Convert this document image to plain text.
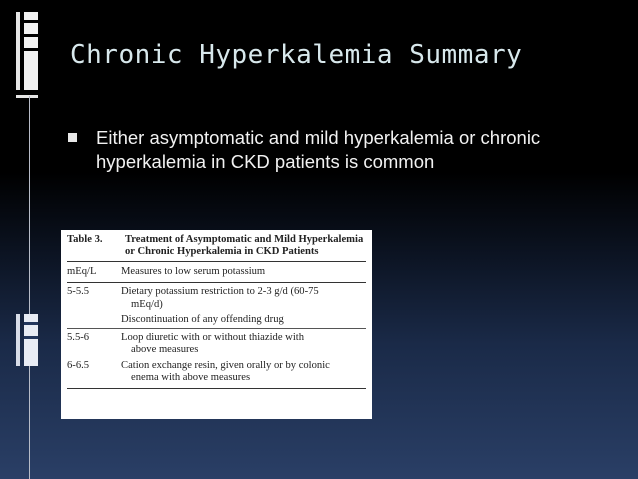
Chronic Hyperkalemia Summary
Either asymptomatic and mild hyperkalemia or chronic hyperkalemia in CKD patients is common
Table 3.	Treatment of Asymptomatic and Mild Hyperkalemia or Chronic Hyperkalemia in CKD Patients
mEq/L	Measures to low serum potassium
5-5.5	Dietary potassium restriction to 2-3 g/d (60-75
mEq/d)
Discontinuation of any offending drug
5.5-6	Loop diuretic with or without thiazide with
above measures
6-6.5	Cation exchange resin, given orally or by colonic
enema with above measures
